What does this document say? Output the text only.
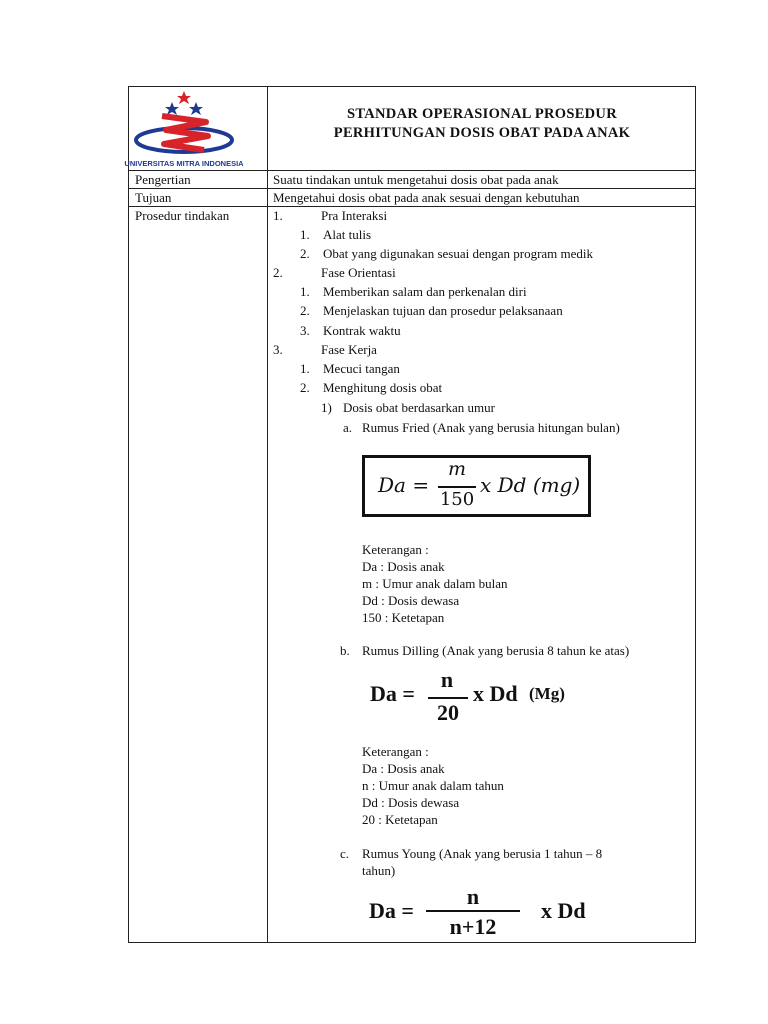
UNIVERSITAS MITRA INDONESIA
STANDAR OPERASIONAL PROSEDUR
PERHITUNGAN DOSIS OBAT PADA ANAK
Pengertian	Suatu tindakan untuk mengetahui dosis obat pada anak
Tujuan	Mengetahui dosis obat pada anak sesuai dengan kebutuhan
Prosedur tindakan	1.	Pra Interaksi
1. Alat tulis
2. Obat yang digunakan sesuai dengan program medik
2.	Fase Orientasi
1. Memberikan salam dan perkenalan diri
2. Menjelaskan tujuan dan prosedur pelaksanaan
3. Kontrak waktu
3.	Fase Kerja
1. Mecuci tangan
2. Menghitung dosis obat
1) Dosis obat berdasarkan umur
a. Rumus Fried (Anak yang berusia hitungan bulan)
Da =
m
150
x Dd (mg)
Keterangan :
Da : Dosis anak
m : Umur anak dalam bulan
Dd : Dosis dewasa
150 : Ketetapan
b. Rumus Dilling (Anak yang berusia 8 tahun ke atas)
Da =
n
20
x Dd (Mg)
Keterangan :
Da : Dosis anak
n : Umur anak dalam tahun
Dd : Dosis dewasa
20 : Ketetapan
c. Rumus Young (Anak yang berusia 1 tahun – 8
tahun)
Da =
n
n+12
x Dd
